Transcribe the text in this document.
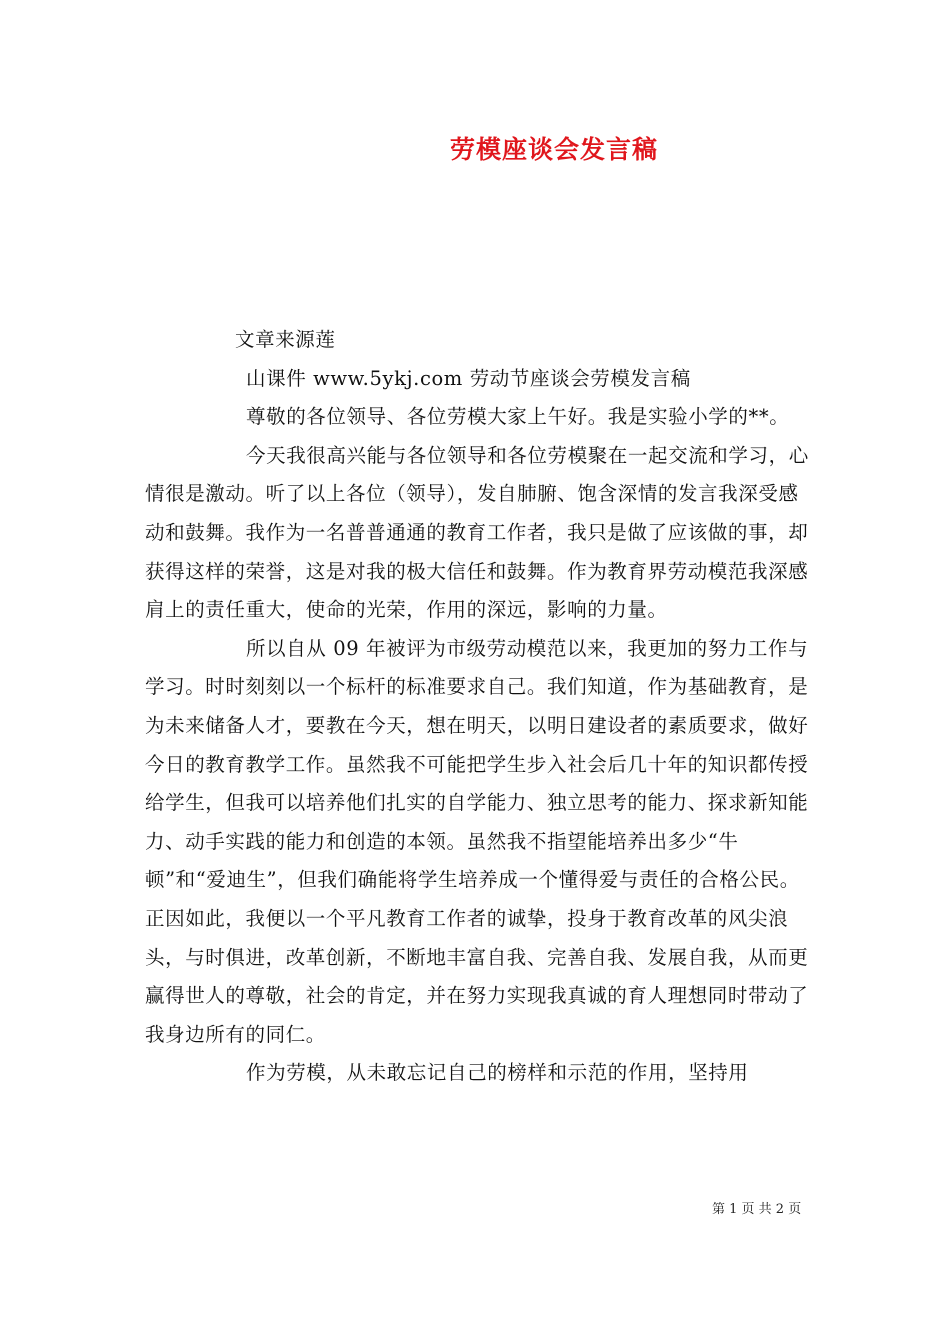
劳模座谈会发言稿

文章来源莲

山课件 www.5ykj.com 劳动节座谈会劳模发言稿

尊敬的各位领导、各位劳模大家上午好。我是实验小学的**。

今天我很高兴能与各位领导和各位劳模聚在一起交流和学习，心情很是激动。听了以上各位（领导），发自肺腑、饱含深情的发言我深受感动和鼓舞。我作为一名普普通通的教育工作者，我只是做了应该做的事，却获得这样的荣誉，这是对我的极大信任和鼓舞。作为教育界劳动模范我深感肩上的责任重大，使命的光荣，作用的深远，影响的力量。

所以自从 09 年被评为市级劳动模范以来，我更加的努力工作与学习。时时刻刻以一个标杆的标准要求自己。我们知道，作为基础教育，是为未来储备人才，要教在今天，想在明天，以明日建设者的素质要求，做好今日的教育教学工作。虽然我不可能把学生步入社会后几十年的知识都传授给学生，但我可以培养他们扎实的自学能力、独立思考的能力、探求新知能力、动手实践的能力和创造的本领。虽然我不指望能培养出多少“牛顿”和“爱迪生”，但我们确能将学生培养成一个懂得爱与责任的合格公民。正因如此，我便以一个平凡教育工作者的诚挚，投身于教育改革的风尖浪头，与时俱进，改革创新，不断地丰富自我、完善自我、发展自我，从而更赢得世人的尊敬，社会的肯定，并在努力实现我真诚的育人理想同时带动了我身边所有的同仁。

作为劳模，从未敢忘记自己的榜样和示范的作用，坚持用

第 1 页 共 2 页
